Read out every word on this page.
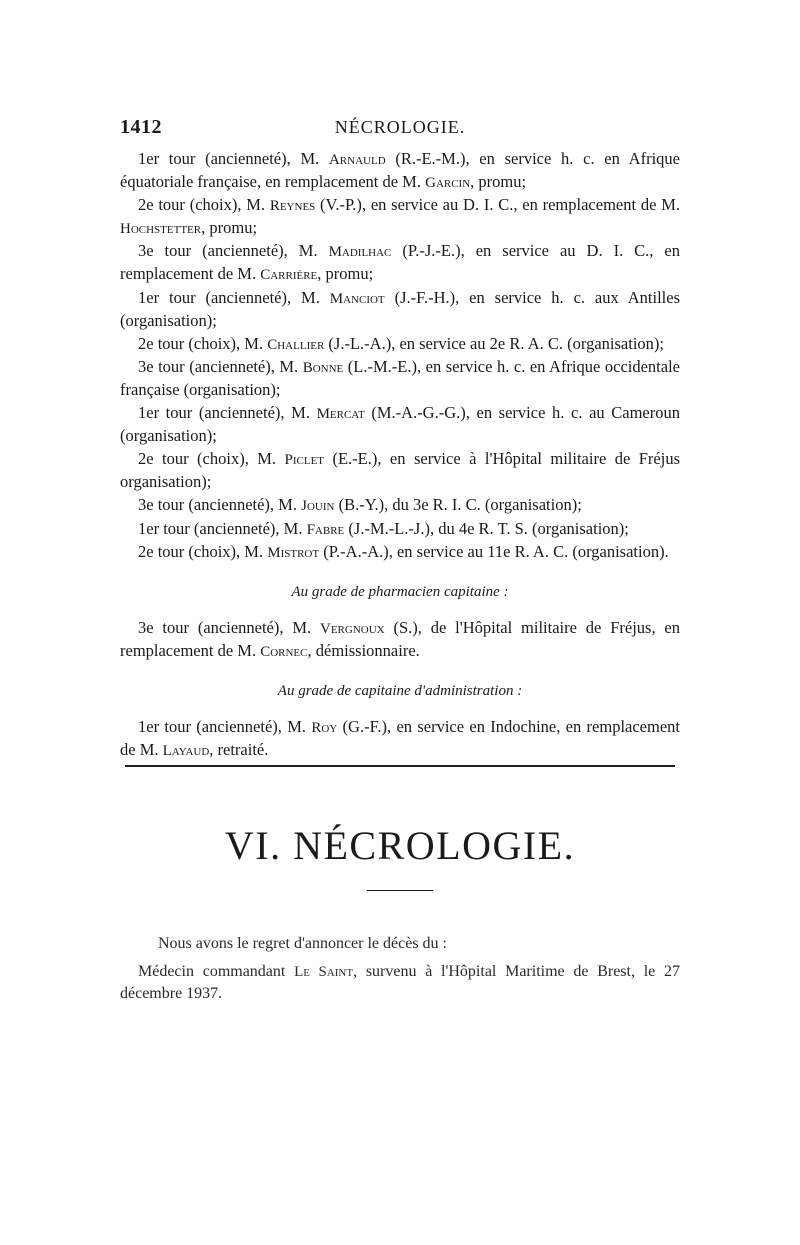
1412	NÉCROLOGIE.

1er tour (ancienneté), M. Arnauld (R.-E.-M.), en service h. c. en Afrique équatoriale française, en remplacement de M. Garcin, promu;

2e tour (choix), M. Reynes (V.-P.), en service au D. I. C., en remplacement de M. Hochstetter, promu;

3e tour (ancienneté), M. Madilhac (P.-J.-E.), en service au D. I. C., en remplacement de M. Carrière, promu;

1er tour (ancienneté), M. Manciot (J.-F.-H.), en service h. c. aux Antilles (organisation);

2e tour (choix), M. Challier (J.-L.-A.), en service au 2e R. A. C. (organisation);

3e tour (ancienneté), M. Bonne (L.-M.-E.), en service h. c. en Afrique occidentale française (organisation);

1er tour (ancienneté), M. Mercat (M.-A.-G.-G.), en service h. c. au Cameroun (organisation);

2e tour (choix), M. Piclet (E.-E.), en service à l'Hôpital militaire de Fréjus organisation);

3e tour (ancienneté), M. Jouin (B.-Y.), du 3e R. I. C. (organisation);

1er tour (ancienneté), M. Fabre (J.-M.-L.-J.), du 4e R. T. S. (organisation);

2e tour (choix), M. Mistrot (P.-A.-A.), en service au 11e R. A. C. (organisation).

Au grade de pharmacien capitaine :

3e tour (ancienneté), M. Vergnoux (S.), de l'Hôpital militaire de Fréjus, en remplacement de M. Cornec, démissionnaire.

Au grade de capitaine d'administration :

1er tour (ancienneté), M. Roy (G.-F.), en service en Indochine, en remplacement de M. Layaud, retraité.

VI. NÉCROLOGIE.

Nous avons le regret d'annoncer le décès du :

Médecin commandant Le Saint, survenu à l'Hôpital Maritime de Brest, le 27 décembre 1937.
